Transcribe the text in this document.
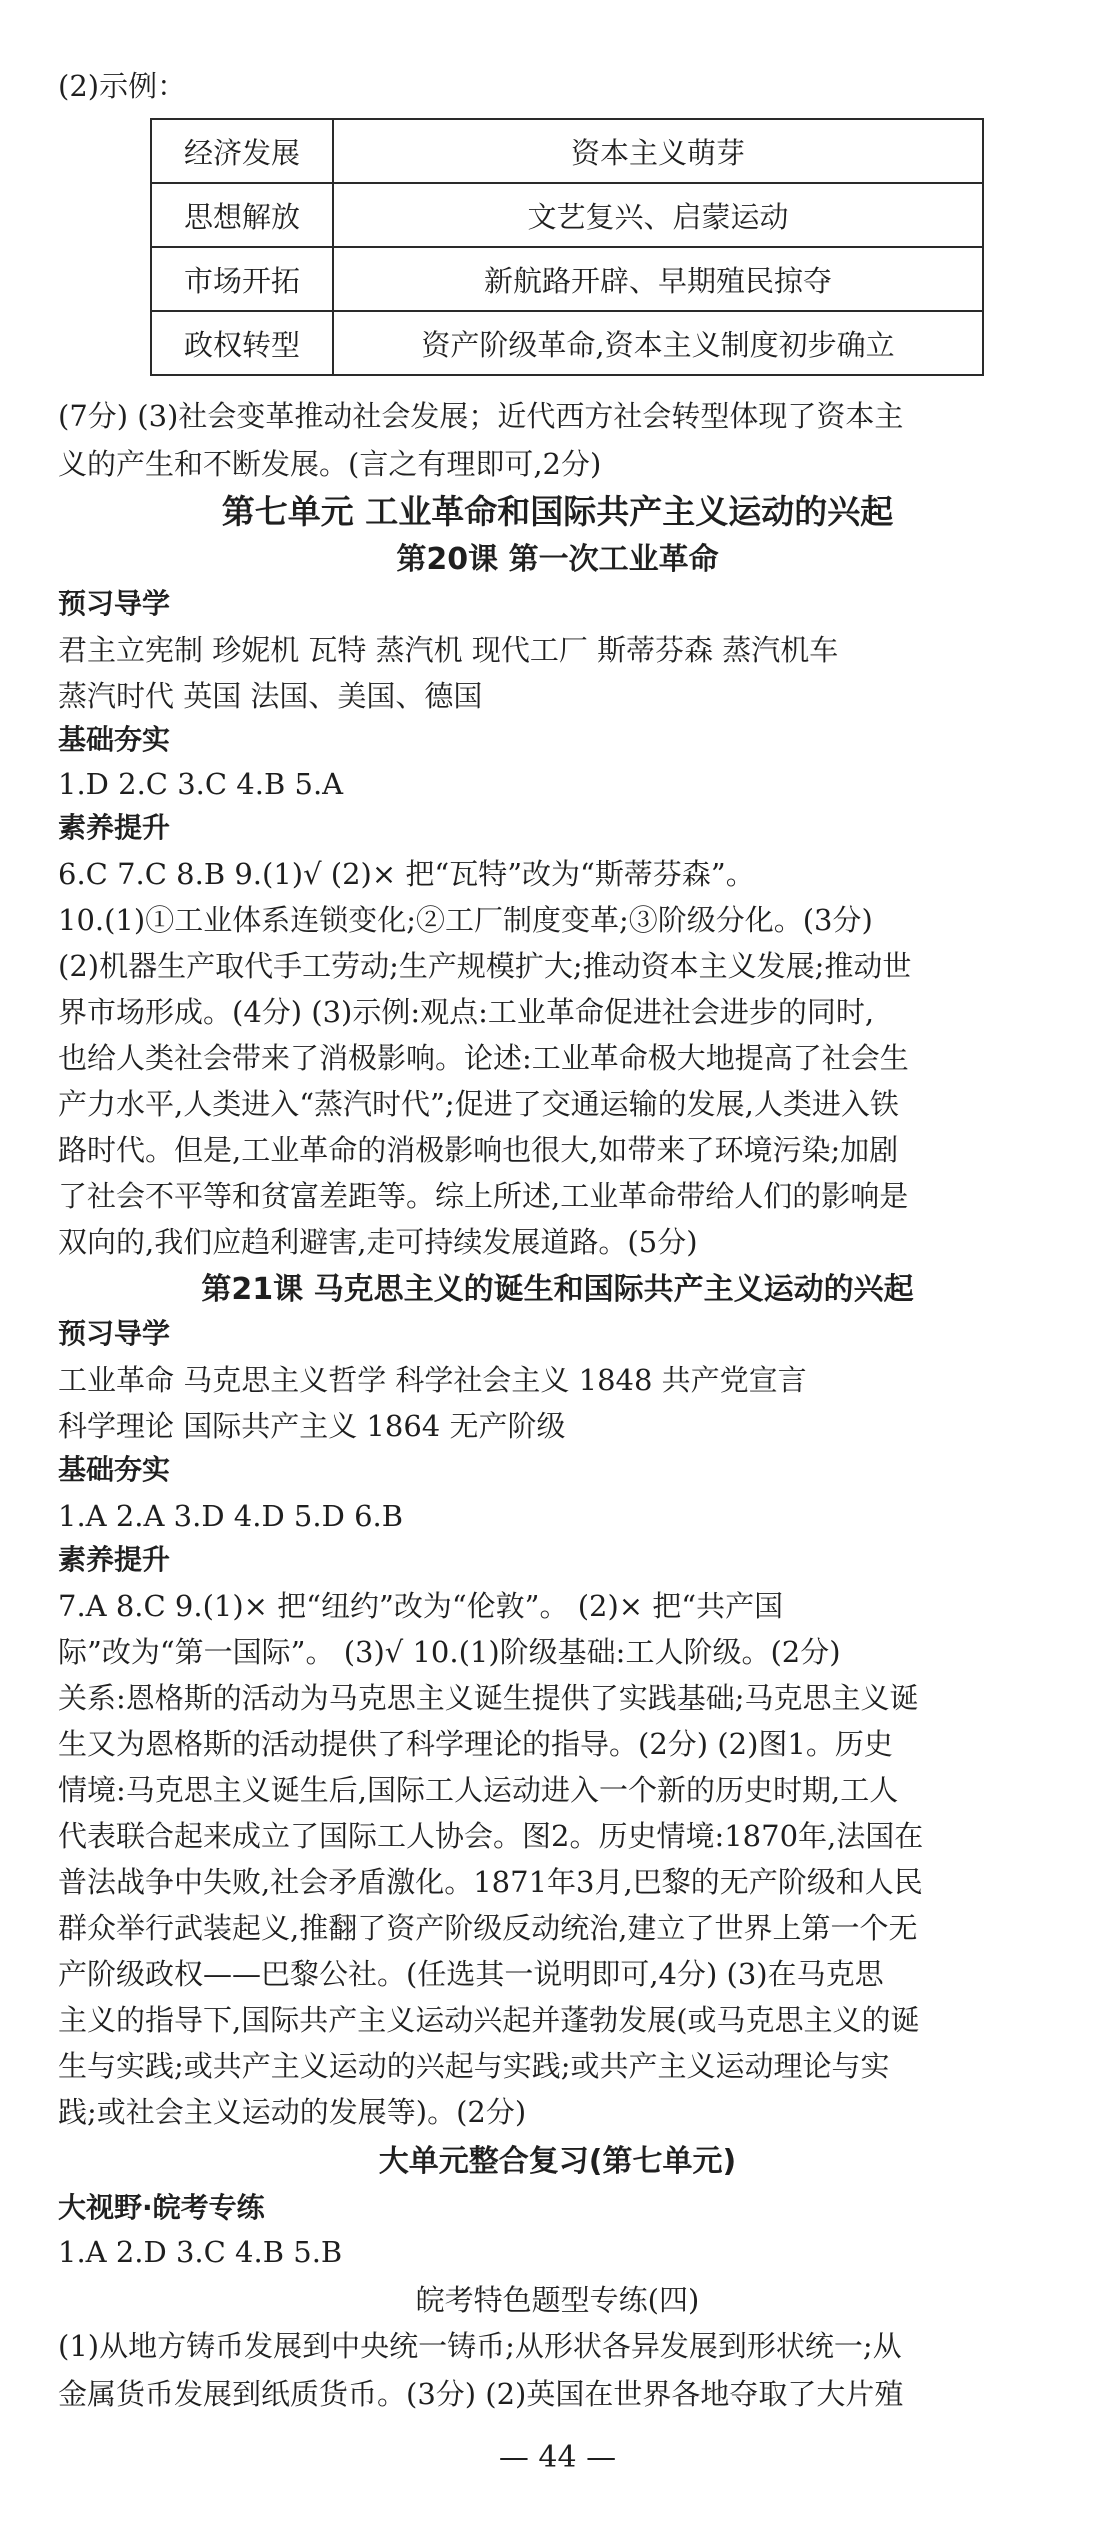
(2)示例：
经济发展	资本主义萌芽
思想解放	文艺复兴、启蒙运动
市场开拓	新航路开辟、早期殖民掠夺
政权转型	资产阶级革命,资本主义制度初步确立
(7分) (3)社会变革推动社会发展；近代西方社会转型体现了资本主
义的产生和不断发展。(言之有理即可,2分)
第七单元 工业革命和国际共产主义运动的兴起
第20课 第一次工业革命
预习导学
君主立宪制 珍妮机 瓦特 蒸汽机 现代工厂 斯蒂芬森 蒸汽机车
蒸汽时代 英国 法国、美国、德国
基础夯实
1.D 2.C 3.C 4.B 5.A
素养提升
6.C 7.C 8.B 9.(1)√ (2)× 把“瓦特”改为“斯蒂芬森”。
10.(1)①工业体系连锁变化;②工厂制度变革;③阶级分化。(3分)
(2)机器生产取代手工劳动;生产规模扩大;推动资本主义发展;推动世
界市场形成。(4分) (3)示例:观点:工业革命促进社会进步的同时,
也给人类社会带来了消极影响。论述:工业革命极大地提高了社会生
产力水平,人类进入“蒸汽时代”;促进了交通运输的发展,人类进入铁
路时代。但是,工业革命的消极影响也很大,如带来了环境污染;加剧
了社会不平等和贫富差距等。综上所述,工业革命带给人们的影响是
双向的,我们应趋利避害,走可持续发展道路。(5分)
第21课 马克思主义的诞生和国际共产主义运动的兴起
预习导学
工业革命 马克思主义哲学 科学社会主义 1848 共产党宣言
科学理论 国际共产主义 1864 无产阶级
基础夯实
1.A 2.A 3.D 4.D 5.D 6.B
素养提升
7.A 8.C 9.(1)× 把“纽约”改为“伦敦”。 (2)× 把“共产国
际”改为“第一国际”。 (3)√ 10.(1)阶级基础:工人阶级。(2分)
关系:恩格斯的活动为马克思主义诞生提供了实践基础;马克思主义诞
生又为恩格斯的活动提供了科学理论的指导。(2分) (2)图1。历史
情境:马克思主义诞生后,国际工人运动进入一个新的历史时期,工人
代表联合起来成立了国际工人协会。图2。历史情境:1870年,法国在
普法战争中失败,社会矛盾激化。1871年3月,巴黎的无产阶级和人民
群众举行武装起义,推翻了资产阶级反动统治,建立了世界上第一个无
产阶级政权——巴黎公社。(任选其一说明即可,4分) (3)在马克思
主义的指导下,国际共产主义运动兴起并蓬勃发展(或马克思主义的诞
生与实践;或共产主义运动的兴起与实践;或共产主义运动理论与实
践;或社会主义运动的发展等)。(2分)
大单元整合复习(第七单元)
大视野·皖考专练
1.A 2.D 3.C 4.B 5.B
皖考特色题型专练(四)
(1)从地方铸币发展到中央统一铸币;从形状各异发展到形状统一;从
金属货币发展到纸质货币。(3分) (2)英国在世界各地夺取了大片殖
— 44 —
